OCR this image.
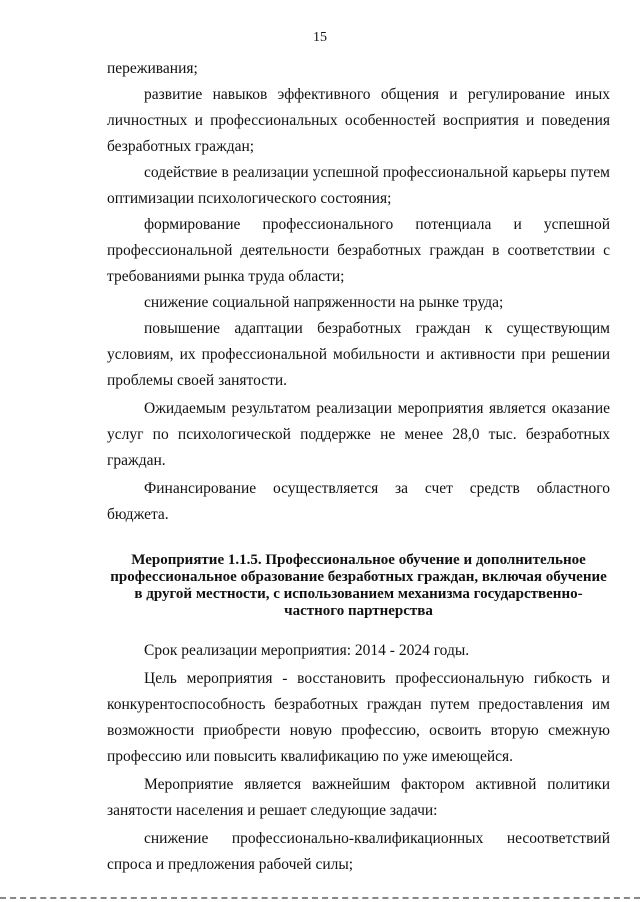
15

переживания;

развитие навыков эффективного общения и регулирование иных личностных и профессиональных особенностей восприятия и поведения безработных граждан;

содействие в реализации успешной профессиональной карьеры путем оптимизации психологического состояния;

формирование профессионального потенциала и успешной профессиональной деятельности безработных граждан в соответствии с требованиями рынка труда области;

снижение социальной напряженности на рынке труда;

повышение адаптации безработных граждан к существующим условиям, их профессиональной мобильности и активности при решении проблемы своей занятости.

Ожидаемым результатом реализации мероприятия является оказание услуг по психологической поддержке не менее 28,0 тыс. безработных граждан.

Финансирование осуществляется за счет средств областного бюджета.

Мероприятие 1.1.5. Профессиональное обучение и дополнительное профессиональное образование безработных граждан, включая обучение в другой местности, с использованием механизма государственно-частного партнерства

Срок реализации мероприятия: 2014 - 2024 годы.

Цель мероприятия - восстановить профессиональную гибкость и конкурентоспособность безработных граждан путем предоставления им возможности приобрести новую профессию, освоить вторую смежную профессию или повысить квалификацию по уже имеющейся.

Мероприятие является важнейшим фактором активной политики занятости населения и решает следующие задачи:

снижение профессионально-квалификационных несоответствий спроса и предложения рабочей силы;
